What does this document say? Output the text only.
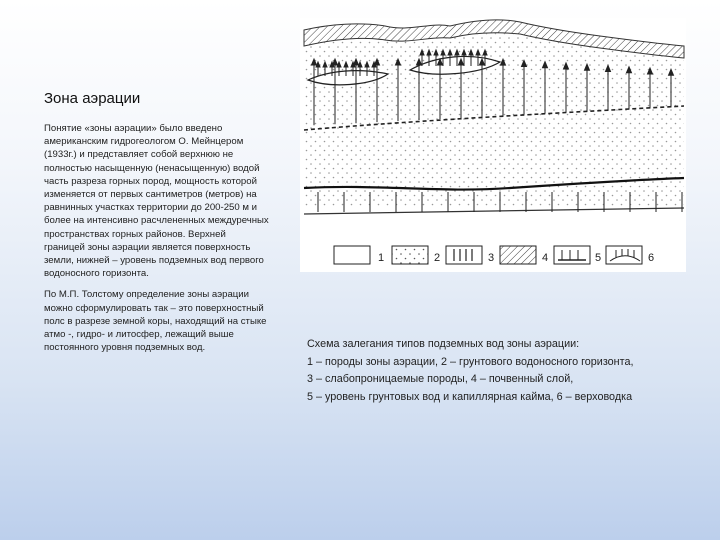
Зона аэрации

Понятие «зоны аэрации» было введено американским гидрогеологом О. Мейнцером (1933г.) и представляет собой верхнюю не полностью насыщенную (ненасыщенную) водой часть разреза горных пород, мощность которой изменяется от первых сантиметров (метров) на равнинных участках территории до 200-250 м и более на интенсивно расчлененных междуречных пространствах горных районов. Верхней границей зоны аэрации является поверхность земли, нижней – уровень подземных вод первого водоносного горизонта.

По М.П. Толстому определение зоны аэрации можно сформулировать так – это поверхностный полс в разрезе земной коры, находящий на стыке атмо -, гидро- и литосфер, лежащий выше постоянного уровня подземных вод.

1	2	3	4	5	6
Схема залегания типов подземных вод зоны аэрации:
1 – породы зоны аэрации, 2 – грунтового водоносного горизонта,
3 – слабопроницаемые породы, 4 – почвенный слой,
5 – уровень грунтовых вод и капиллярная кайма, 6 – верховодка
